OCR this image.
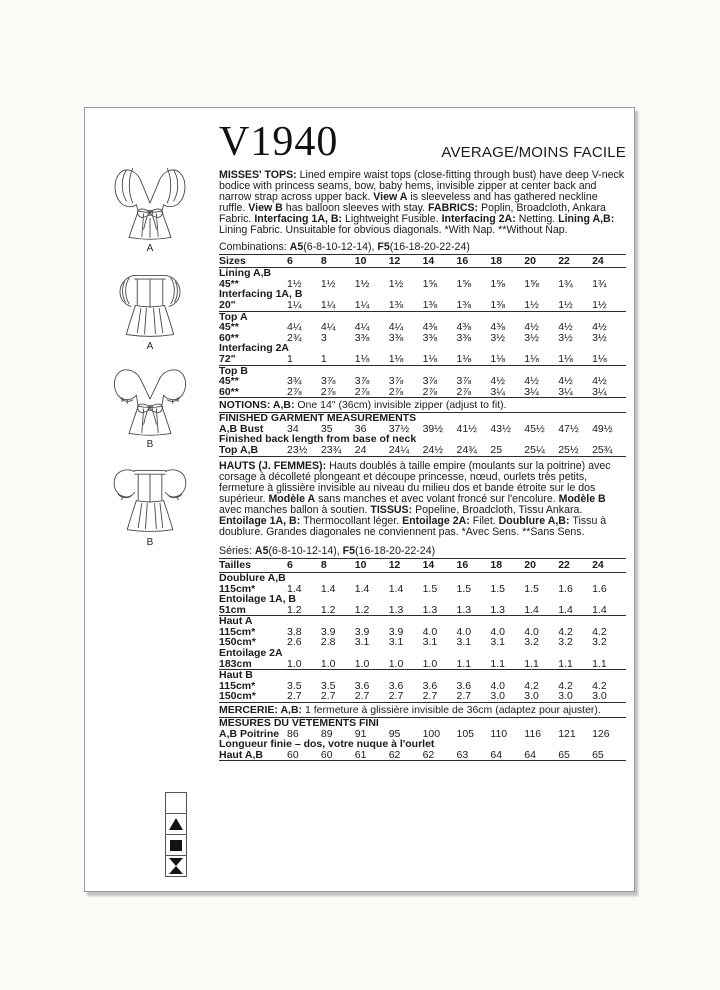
A
A
B
B
V1940	AVERAGE/MOINS FACILE

MISSES' TOPS: Lined empire waist tops (close-fitting through bust) have deep V-neck bodice with princess seams, bow, baby hems, invisible zipper at center back and narrow strap across upper back. View A is sleeveless and has gathered neckline ruffle. View B has balloon sleeves with stay. FABRICS: Poplin, Broadcloth, Ankara Fabric. Interfacing 1A, B: Lightweight Fusible. Interfacing 2A: Netting. Lining A,B: Lining Fabric. Unsuitable for obvious diagonals. *With Nap. **Without Nap.

Combinations: A5(6-8-10-12-14), F5(16-18-20-22-24)

Sizes	6	8	10	12	14	16	18	20	22	24
Lining A,B
45**	1½	1½	1½	1½	1⅝	1⅝	1⅝	1⅝	1¾	1¾
Interfacing 1A, B
20"	1¼	1¼	1¼	1⅜	1⅜	1⅜	1⅜	1½	1½	1½
Top A
45**	4¼	4¼	4¼	4¼	4⅜	4⅜	4⅜	4½	4½	4½
60**	2¾	3	3⅜	3⅜	3⅜	3⅜	3½	3½	3½	3½
Interfacing 2A
72"	1	1	1⅛	1⅛	1⅛	1⅛	1⅛	1⅛	1⅛	1⅛
Top B
45**	3¾	3⅞	3⅞	3⅞	3⅞	3⅞	4½	4½	4½	4½
60**	2⅞	2⅞	2⅞	2⅞	2⅞	2⅞	3¼	3¼	3¼	3¼

NOTIONS: A,B: One 14" (36cm) invisible zipper (adjust to fit).

FINISHED GARMENT MEASUREMENTS
A,B Bust	34	35	36	37½	39½	41½	43½	45½	47½	49½
Finished back length from base of neck
Top A,B	23½	23¾	24	24¼	24½	24¾	25	25¼	25½	25¾

HAUTS (J. FEMMES): Hauts doublés à taille empire (moulants sur la poitrine) avec corsage à décolleté plongeant et découpe princesse, nœud, ourlets très petits, fermeture à glissière invisible au niveau du milieu dos et bande étroite sur le dos supérieur. Modèle A sans manches et avec volant froncé sur l'encolure. Modèle B avec manches ballon à soutien. TISSUS: Popeline, Broadcloth, Tissu Ankara. Entoilage 1A, B: Thermocollant léger. Entoilage 2A: Filet. Doublure A,B: Tissu à doublure. Grandes diagonales ne conviennent pas. *Avec Sens. **Sans Sens.

Séries: A5(6-8-10-12-14), F5(16-18-20-22-24)

Tailles	6	8	10	12	14	16	18	20	22	24
Doublure A,B
115cm*	1.4	1.4	1.4	1.4	1.5	1.5	1.5	1.5	1.6	1.6
Entoilage 1A, B
51cm	1.2	1.2	1.2	1.3	1.3	1.3	1.3	1.4	1.4	1.4
Haut A
115cm*	3.8	3.9	3.9	3.9	4.0	4.0	4.0	4.0	4.2	4.2
150cm*	2.6	2.8	3.1	3.1	3.1	3.1	3.1	3.2	3.2	3.2
Entoilage 2A
183cm	1.0	1.0	1.0	1.0	1.0	1.1	1.1	1.1	1.1	1.1
Haut B
115cm*	3.5	3.5	3.6	3.6	3.6	3.6	4.0	4.2	4.2	4.2
150cm*	2.7	2.7	2.7	2.7	2.7	2.7	3.0	3.0	3.0	3.0

MERCERIE: A,B: 1 fermeture à glissière invisible de 36cm (adaptez pour ajuster).

MESURES DU VÊTEMENTS FINI
A,B Poitrine 86	89	91	95	100	105	110	116	121	126
Longueur finie – dos, votre nuque à l'ourlet
Haut A,B	60	60	61	62	62	63	64	64	65	65
